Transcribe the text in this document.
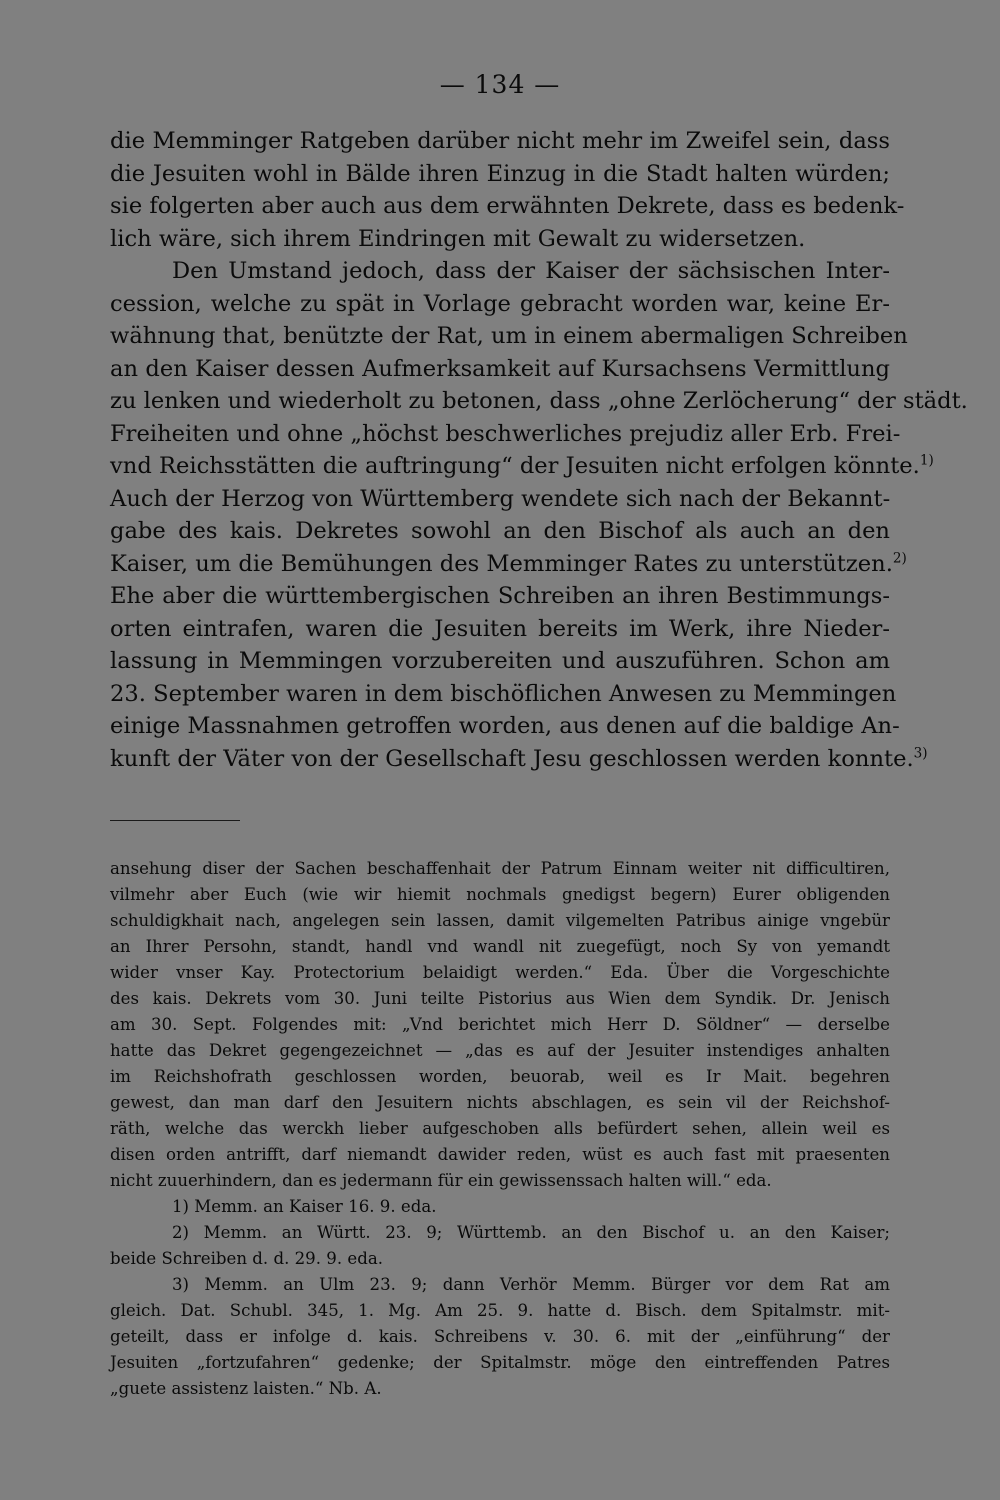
— 134 —
die Memminger Ratgeben darüber nicht mehr im Zweifel sein, dass
die Jesuiten wohl in Bälde ihren Einzug in die Stadt halten würden;
sie folgerten aber auch aus dem erwähnten Dekrete, dass es bedenk-
lich wäre, sich ihrem Eindringen mit Gewalt zu widersetzen.
Den Umstand jedoch, dass der Kaiser der sächsischen Inter-
cession, welche zu spät in Vorlage gebracht worden war, keine Er-
wähnung that, benützte der Rat, um in einem abermaligen Schreiben
an den Kaiser dessen Aufmerksamkeit auf Kursachsens Vermittlung
zu lenken und wiederholt zu betonen, dass „ohne Zerlöcherung“ der städt.
Freiheiten und ohne „höchst beschwerliches prejudiz aller Erb. Frei-
vnd Reichsstätten die auftringung“ der Jesuiten nicht erfolgen könnte.$^{1)}$
Auch der Herzog von Württemberg wendete sich nach der Bekannt-
gabe des kais. Dekretes sowohl an den Bischof als auch an den
Kaiser, um die Bemühungen des Memminger Rates zu unterstützen.$^{2)}$
Ehe aber die württembergischen Schreiben an ihren Bestimmungs-
orten eintrafen, waren die Jesuiten bereits im Werk, ihre Nieder-
lassung in Memmingen vorzubereiten und auszuführen. Schon am
23. September waren in dem bischöflichen Anwesen zu Memmingen
einige Massnahmen getroffen worden, aus denen auf die baldige An-
kunft der Väter von der Gesellschaft Jesu geschlossen werden konnte.$^{3)}$
ansehung diser der Sachen beschaffenhait der Patrum Einnam weiter nit difficultiren,
vilmehr aber Euch (wie wir hiemit nochmals gnedigst begern) Eurer obligenden
schuldigkhait nach, angelegen sein lassen, damit vilgemelten Patribus ainige vngebür
an Ihrer Persohn, standt, handl vnd wandl nit zuegefügt, noch Sy von yemandt
wider vnser Kay. Protectorium belaidigt werden.“ Eda. Über die Vorgeschichte
des kais. Dekrets vom 30. Juni teilte Pistorius aus Wien dem Syndik. Dr. Jenisch
am 30. Sept. Folgendes mit: „Vnd berichtet mich Herr D. Söldner“ — derselbe
hatte das Dekret gegengezeichnet — „das es auf der Jesuiter instendiges anhalten
im Reichshofrath geschlossen worden, beuorab, weil es Ir Mait. begehren
gewest, dan man darf den Jesuitern nichts abschlagen, es sein vil der Reichshof-
räth, welche das werckh lieber aufgeschoben alls befürdert sehen, allein weil es
disen orden antrifft, darf niemandt dawider reden, wüst es auch fast mit praesenten
nicht zuuerhindern, dan es jedermann für ein gewissenssach halten will.“ eda.
1) Memm. an Kaiser 16. 9. eda.
2) Memm. an Württ. 23. 9; Württemb. an den Bischof u. an den Kaiser;
beide Schreiben d. d. 29. 9. eda.
3) Memm. an Ulm 23. 9; dann Verhör Memm. Bürger vor dem Rat am
gleich. Dat. Schubl. 345, 1. Mg. Am 25. 9. hatte d. Bisch. dem Spitalmstr. mit-
geteilt, dass er infolge d. kais. Schreibens v. 30. 6. mit der „einführung“ der
Jesuiten „fortzufahren“ gedenke; der Spitalmstr. möge den eintreffenden Patres
„guete assistenz laisten.“ Nb. A.
